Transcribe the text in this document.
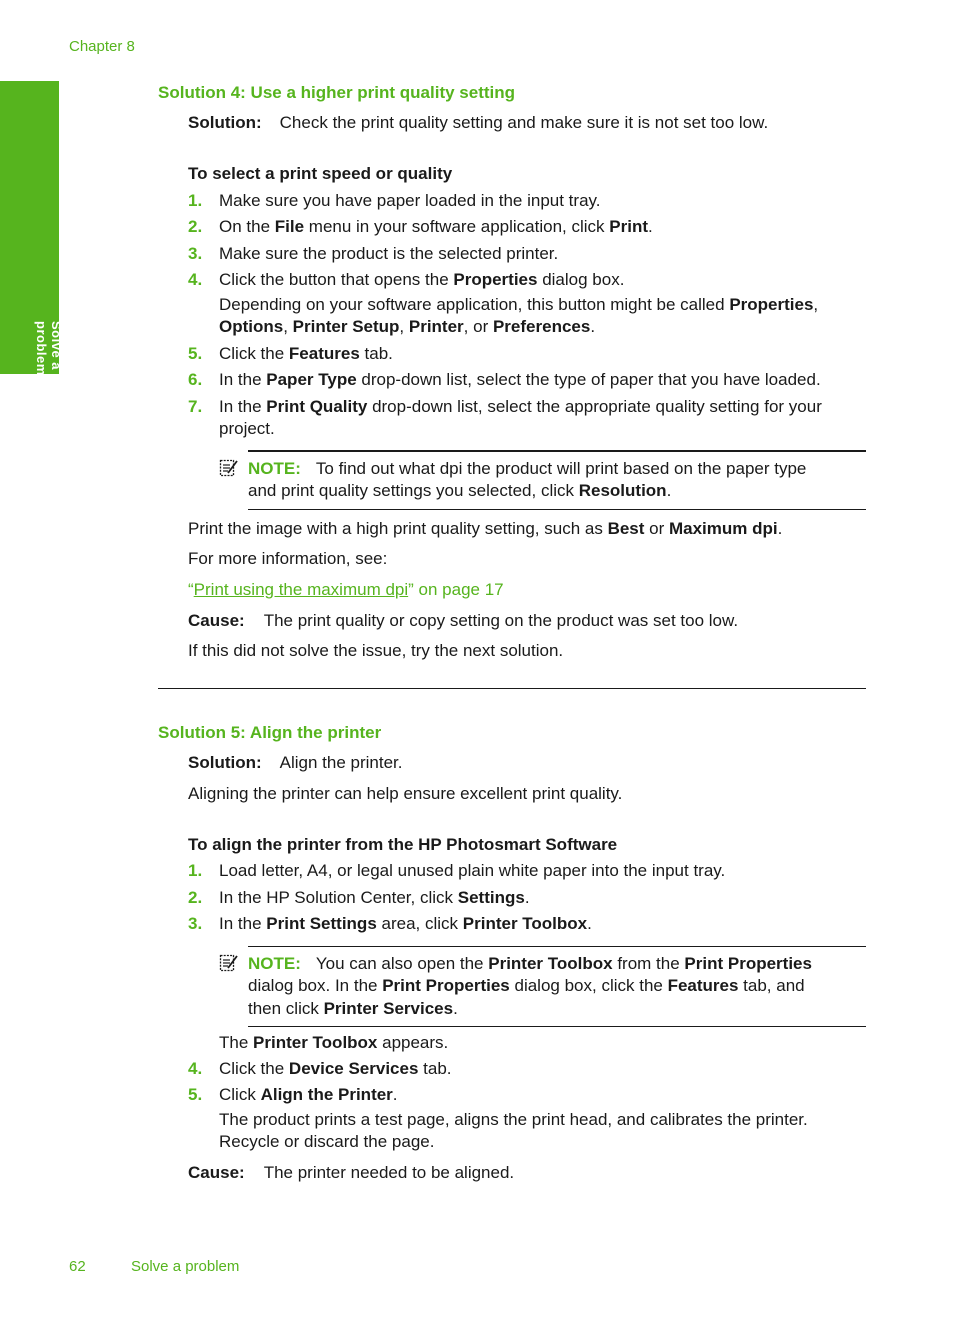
Chapter 8
Solve a problem
Solution 4: Use a higher print quality setting
Solution: Check the print quality setting and make sure it is not set too low.
To select a print speed or quality
1. Make sure you have paper loaded in the input tray.
2. On the File menu in your software application, click Print.
3. Make sure the product is the selected printer.
4. Click the button that opens the Properties dialog box.
Depending on your software application, this button might be called Properties,
Options, Printer Setup, Printer, or Preferences.
5. Click the Features tab.
6. In the Paper Type drop-down list, select the type of paper that you have loaded.
7. In the Print Quality drop-down list, select the appropriate quality setting for your
project.
NOTE: To find out what dpi the product will print based on the paper type
and print quality settings you selected, click Resolution.
Print the image with a high print quality setting, such as Best or Maximum dpi.
For more information, see:
“Print using the maximum dpi” on page 17
Cause: The print quality or copy setting on the product was set too low.
If this did not solve the issue, try the next solution.
Solution 5: Align the printer
Solution: Align the printer.
Aligning the printer can help ensure excellent print quality.
To align the printer from the HP Photosmart Software
1. Load letter, A4, or legal unused plain white paper into the input tray.
2. In the HP Solution Center, click Settings.
3. In the Print Settings area, click Printer Toolbox.
NOTE: You can also open the Printer Toolbox from the Print Properties
dialog box. In the Print Properties dialog box, click the Features tab, and
then click Printer Services.
The Printer Toolbox appears.
4. Click the Device Services tab.
5. Click Align the Printer.
The product prints a test page, aligns the print head, and calibrates the printer.
Recycle or discard the page.
Cause: The printer needed to be aligned.
62	Solve a problem
